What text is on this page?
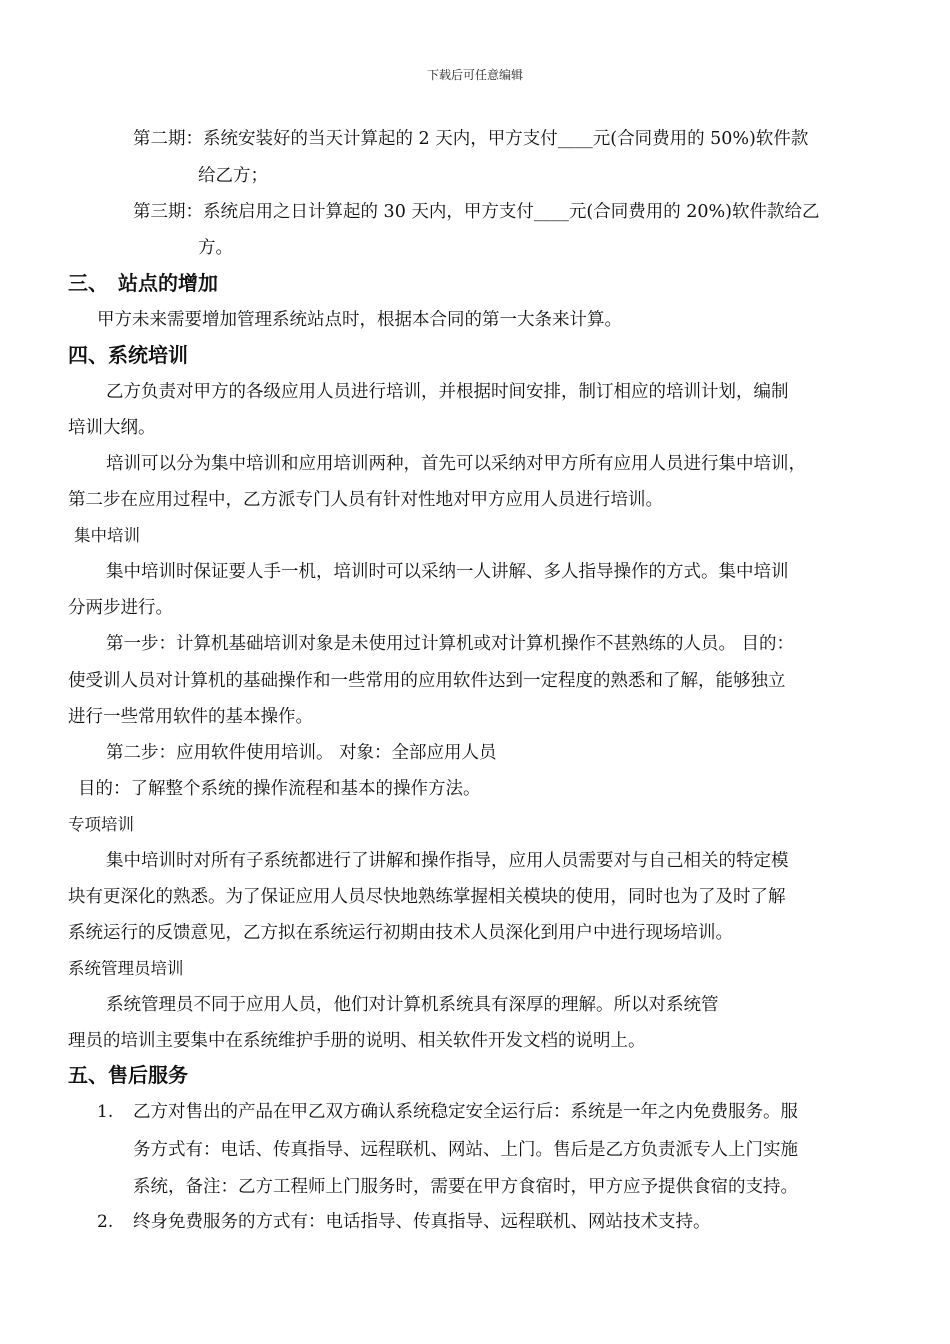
下载后可任意编辑
第二期：系统安装好的当天计算起的 2 天内，甲方支付____元(合同费用的 50%)软件款
给乙方；
第三期：系统启用之日计算起的 30 天内，甲方支付____元(合同费用的 20%)软件款给乙
方。
三、　站点的增加
甲方未来需要增加管理系统站点时，根据本合同的第一大条来计算。
四、系统培训
乙方负责对甲方的各级应用人员进行培训，并根据时间安排，制订相应的培训计划，编制
培训大纲。
培训可以分为集中培训和应用培训两种，首先可以采纳对甲方所有应用人员进行集中培训，
第二步在应用过程中，乙方派专门人员有针对性地对甲方应用人员进行培训。
集中培训
集中培训时保证要人手一机，培训时可以采纳一人讲解、多人指导操作的方式。集中培训
分两步进行。
第一步：计算机基础培训对象是未使用过计算机或对计算机操作不甚熟练的人员。 目的：
使受训人员对计算机的基础操作和一些常用的应用软件达到一定程度的熟悉和了解，能够独立
进行一些常用软件的基本操作。
第二步：应用软件使用培训。 对象：全部应用人员
目的：了解整个系统的操作流程和基本的操作方法。
专项培训
集中培训时对所有子系统都进行了讲解和操作指导，应用人员需要对与自己相关的特定模
块有更深化的熟悉。为了保证应用人员尽快地熟练掌握相关模块的使用，同时也为了及时了解
系统运行的反馈意见，乙方拟在系统运行初期由技术人员深化到用户中进行现场培训。
系统管理员培训
系统管理员不同于应用人员，他们对计算机系统具有深厚的理解。所以对系统管
理员的培训主要集中在系统维护手册的说明、相关软件开发文档的说明上。
五、售后服务
1. 乙方对售出的产品在甲乙双方确认系统稳定安全运行后：系统是一年之内免费服务。服
务方式有：电话、传真指导、远程联机、网站、上门。售后是乙方负责派专人上门实施
系统，备注：乙方工程师上门服务时，需要在甲方食宿时，甲方应予提供食宿的支持。
2. 终身免费服务的方式有：电话指导、传真指导、远程联机、网站技术支持。
